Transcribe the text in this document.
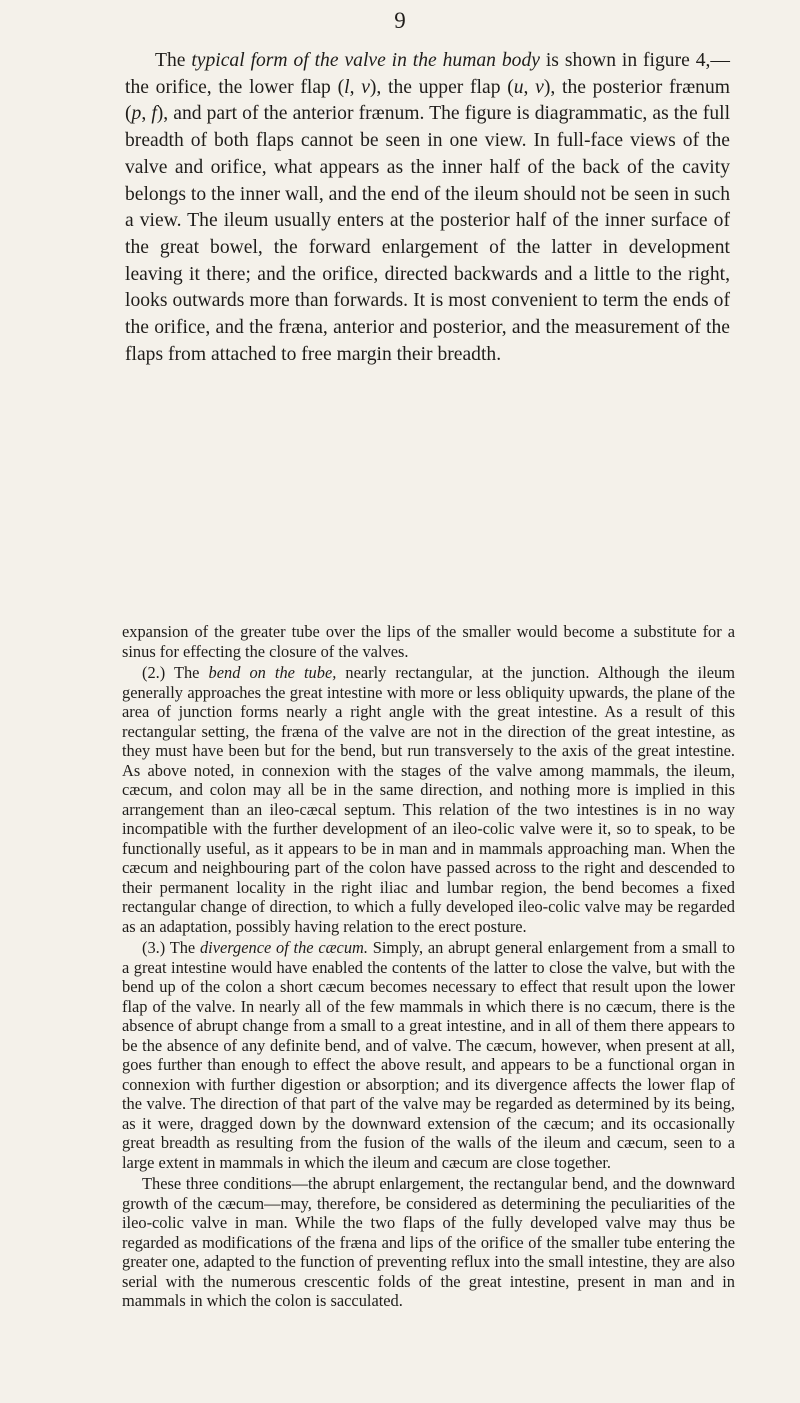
9

The typical form of the valve in the human body is shown in figure 4,—the orifice, the lower flap (l, v), the upper flap (u, v), the posterior frænum (p, f), and part of the anterior frænum. The figure is diagrammatic, as the full breadth of both flaps cannot be seen in one view. In full-face views of the valve and orifice, what appears as the inner half of the back of the cavity belongs to the inner wall, and the end of the ileum should not be seen in such a view. The ileum usually enters at the posterior half of the inner surface of the great bowel, the forward enlargement of the latter in development leaving it there; and the orifice, directed backwards and a little to the right, looks outwards more than forwards. It is most convenient to term the ends of the orifice, and the fræna, anterior and posterior, and the measurement of the flaps from attached to free margin their breadth.

expansion of the greater tube over the lips of the smaller would become a substitute for a sinus for effecting the closure of the valves.

(2.) The bend on the tube, nearly rectangular, at the junction. Although the ileum generally approaches the great intestine with more or less obliquity upwards, the plane of the area of junction forms nearly a right angle with the great intestine. As a result of this rectangular setting, the fræna of the valve are not in the direction of the great intestine, as they must have been but for the bend, but run transversely to the axis of the great intestine. As above noted, in connexion with the stages of the valve among mammals, the ileum, cæcum, and colon may all be in the same direction, and nothing more is implied in this arrangement than an ileo-cæcal septum. This relation of the two intestines is in no way incompatible with the further development of an ileo-colic valve were it, so to speak, to be functionally useful, as it appears to be in man and in mammals approaching man. When the cæcum and neighbouring part of the colon have passed across to the right and descended to their permanent locality in the right iliac and lumbar region, the bend becomes a fixed rectangular change of direction, to which a fully developed ileo-colic valve may be regarded as an adaptation, possibly having relation to the erect posture.

(3.) The divergence of the cæcum. Simply, an abrupt general enlargement from a small to a great intestine would have enabled the contents of the latter to close the valve, but with the bend up of the colon a short cæcum becomes necessary to effect that result upon the lower flap of the valve. In nearly all of the few mammals in which there is no cæcum, there is the absence of abrupt change from a small to a great intestine, and in all of them there appears to be the absence of any definite bend, and of valve. The cæcum, however, when present at all, goes further than enough to effect the above result, and appears to be a functional organ in connexion with further digestion or absorption; and its divergence affects the lower flap of the valve. The direction of that part of the valve may be regarded as determined by its being, as it were, dragged down by the downward extension of the cæcum; and its occasionally great breadth as resulting from the fusion of the walls of the ileum and cæcum, seen to a large extent in mammals in which the ileum and cæcum are close together.

These three conditions—the abrupt enlargement, the rectangular bend, and the downward growth of the cæcum—may, therefore, be considered as determining the peculiarities of the ileo-colic valve in man. While the two flaps of the fully developed valve may thus be regarded as modifications of the fræna and lips of the orifice of the smaller tube entering the greater one, adapted to the function of preventing reflux into the small intestine, they are also serial with the numerous crescentic folds of the great intestine, present in man and in mammals in which the colon is sacculated.
